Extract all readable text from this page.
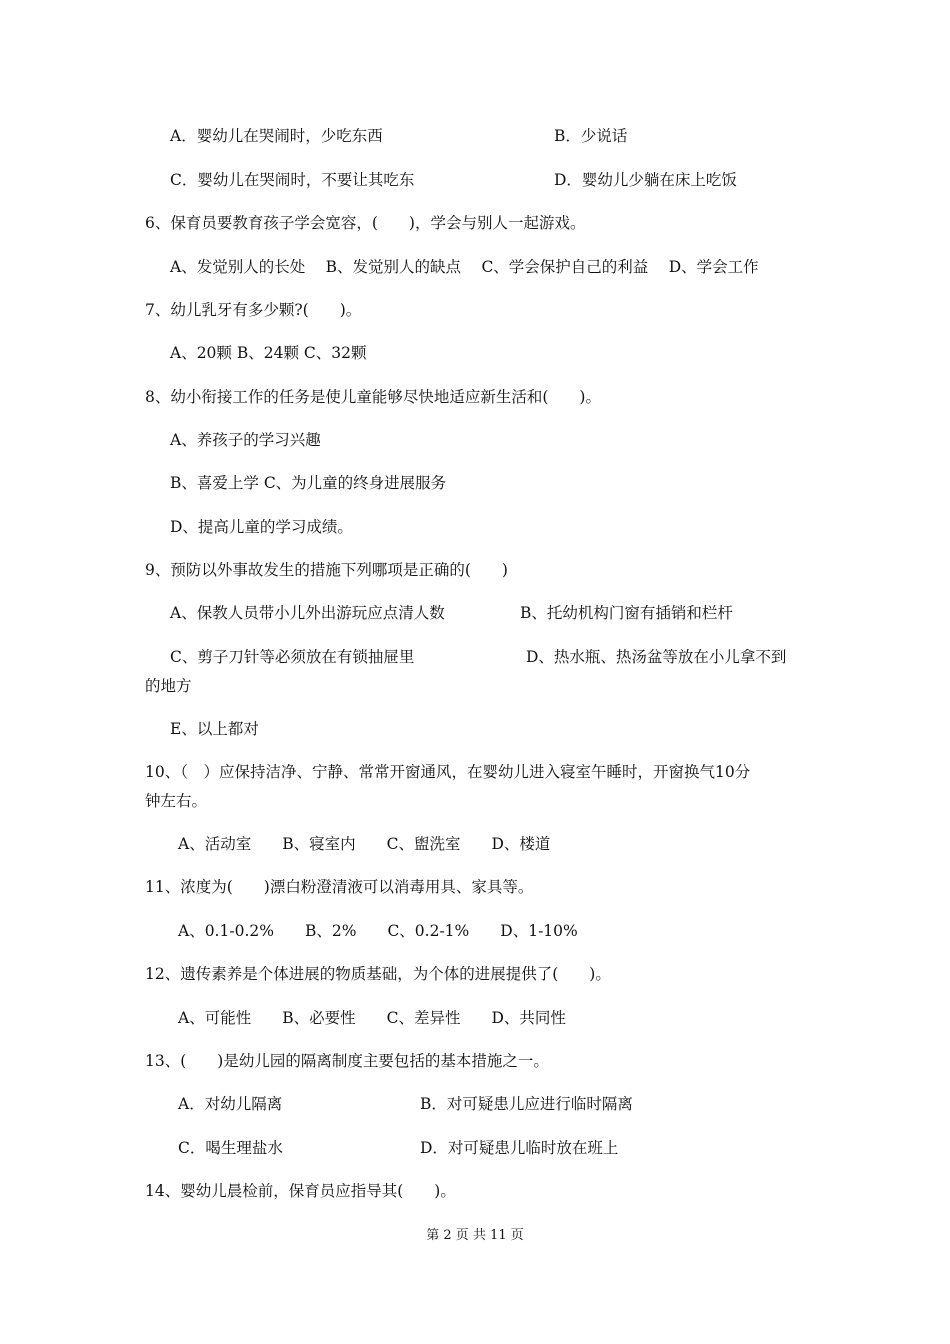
A．婴幼儿在哭闹时，少吃东西	B．少说话
C．婴幼儿在哭闹时，不要让其吃东	D．婴幼儿少躺在床上吃饭
6、保育员要教育孩子学会宽容，(　　)，学会与别人一起游戏。
A、发觉别人的长处　 B、发觉别人的缺点　 C、学会保护自己的利益　 D、学会工作
7、幼儿乳牙有多少颗?(　　)。
A、20颗 B、24颗 C、32颗
8、幼小衔接工作的任务是使儿童能够尽快地适应新生活和(　　)。
A、养孩子的学习兴趣
B、喜爱上学 C、为儿童的终身进展服务
D、提高儿童的学习成绩。
9、预防以外事故发生的措施下列哪项是正确的(　　)
A、保教人员带小儿外出游玩应点清人数	B、托幼机构门窗有插销和栏杆
C、剪子刀针等必须放在有锁抽屉里	D、热水瓶、热汤盆等放在小儿拿不到
的地方
E、以上都对
10、（　）应保持洁净、宁静、常常开窗通风，在婴幼儿进入寝室午睡时，开窗换气10分
钟左右。
A、活动室　　B、寝室内　　C、盥洗室　　D、楼道
11、浓度为(　　)漂白粉澄清液可以消毒用具、家具等。
A、0.1-0.2%　　B、2%　　C、0.2-1%　　D、1-10%
12、遗传素养是个体进展的物质基础，为个体的进展提供了(　　)。
A、可能性　　B、必要性　　C、差异性　　D、共同性
13、(　　)是幼儿园的隔离制度主要包括的基本措施之一。
A．对幼儿隔离	B．对可疑患儿应进行临时隔离
C．喝生理盐水	D．对可疑患儿临时放在班上
14、婴幼儿晨检前，保育员应指导其(　　)。
第 2 页 共 11 页
